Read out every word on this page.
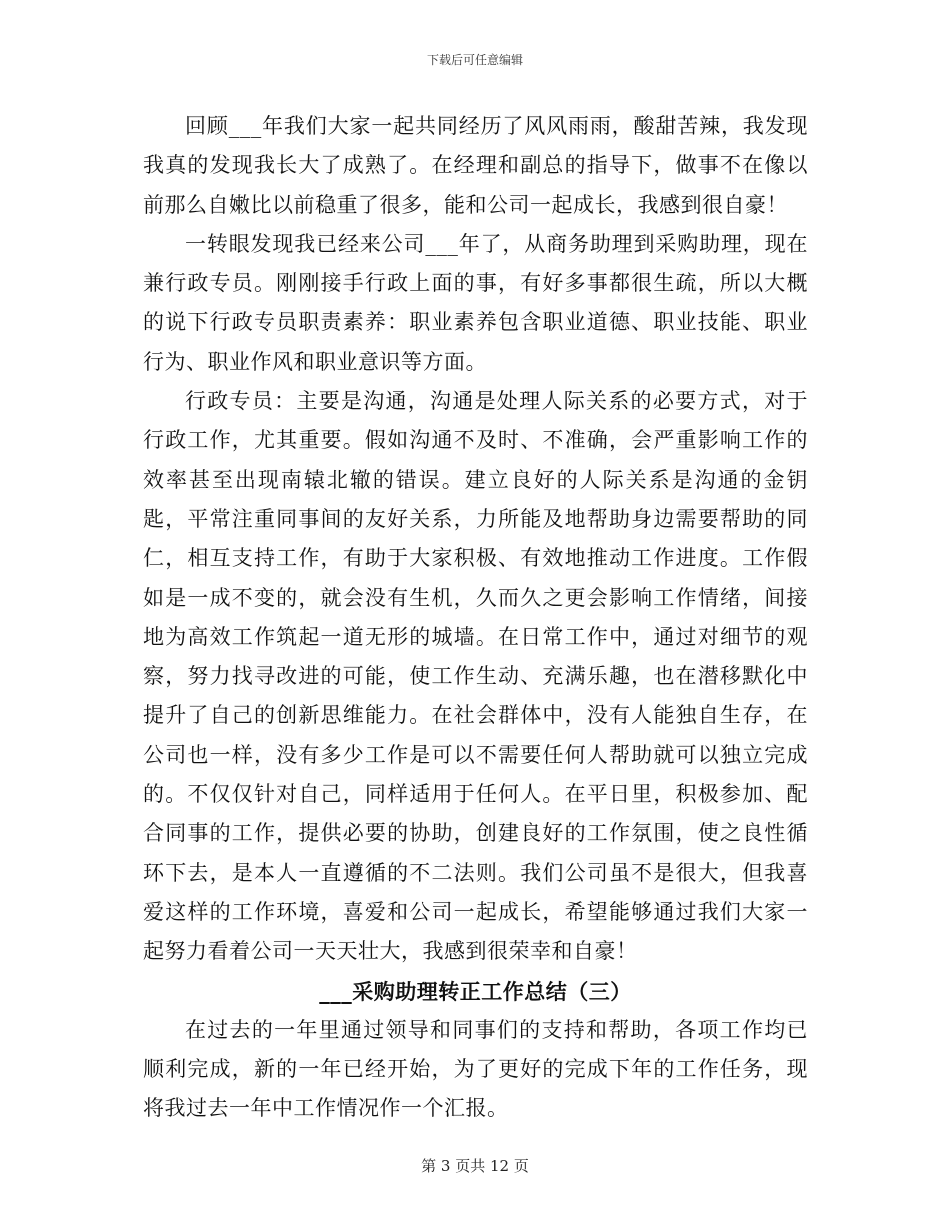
下载后可任意编辑

回顾___年我们大家一起共同经历了风风雨雨，酸甜苦辣，我发现我真的发现我长大了成熟了。在经理和副总的指导下，做事不在像以前那么自嫩比以前稳重了很多，能和公司一起成长，我感到很自豪！

一转眼发现我已经来公司___年了，从商务助理到采购助理，现在兼行政专员。刚刚接手行政上面的事，有好多事都很生疏，所以大概的说下行政专员职责素养：职业素养包含职业道德、职业技能、职业行为、职业作风和职业意识等方面。

行政专员：主要是沟通，沟通是处理人际关系的必要方式，对于行政工作，尤其重要。假如沟通不及时、不准确，会严重影响工作的效率甚至出现南辕北辙的错误。建立良好的人际关系是沟通的金钥匙，平常注重同事间的友好关系，力所能及地帮助身边需要帮助的同仁，相互支持工作，有助于大家积极、有效地推动工作进度。工作假如是一成不变的，就会没有生机，久而久之更会影响工作情绪，间接地为高效工作筑起一道无形的城墙。在日常工作中，通过对细节的观察，努力找寻改进的可能，使工作生动、充满乐趣，也在潜移默化中提升了自己的创新思维能力。在社会群体中，没有人能独自生存，在公司也一样，没有多少工作是可以不需要任何人帮助就可以独立完成的。不仅仅针对自己，同样适用于任何人。在平日里，积极参加、配合同事的工作，提供必要的协助，创建良好的工作氛围，使之良性循环下去，是本人一直遵循的不二法则。我们公司虽不是很大，但我喜爱这样的工作环境，喜爱和公司一起成长，希望能够通过我们大家一起努力看着公司一天天壮大，我感到很荣幸和自豪！

___采购助理转正工作总结（三）

在过去的一年里通过领导和同事们的支持和帮助，各项工作均已顺利完成，新的一年已经开始，为了更好的完成下年的工作任务，现将我过去一年中工作情况作一个汇报。

第 3 页共 12 页
